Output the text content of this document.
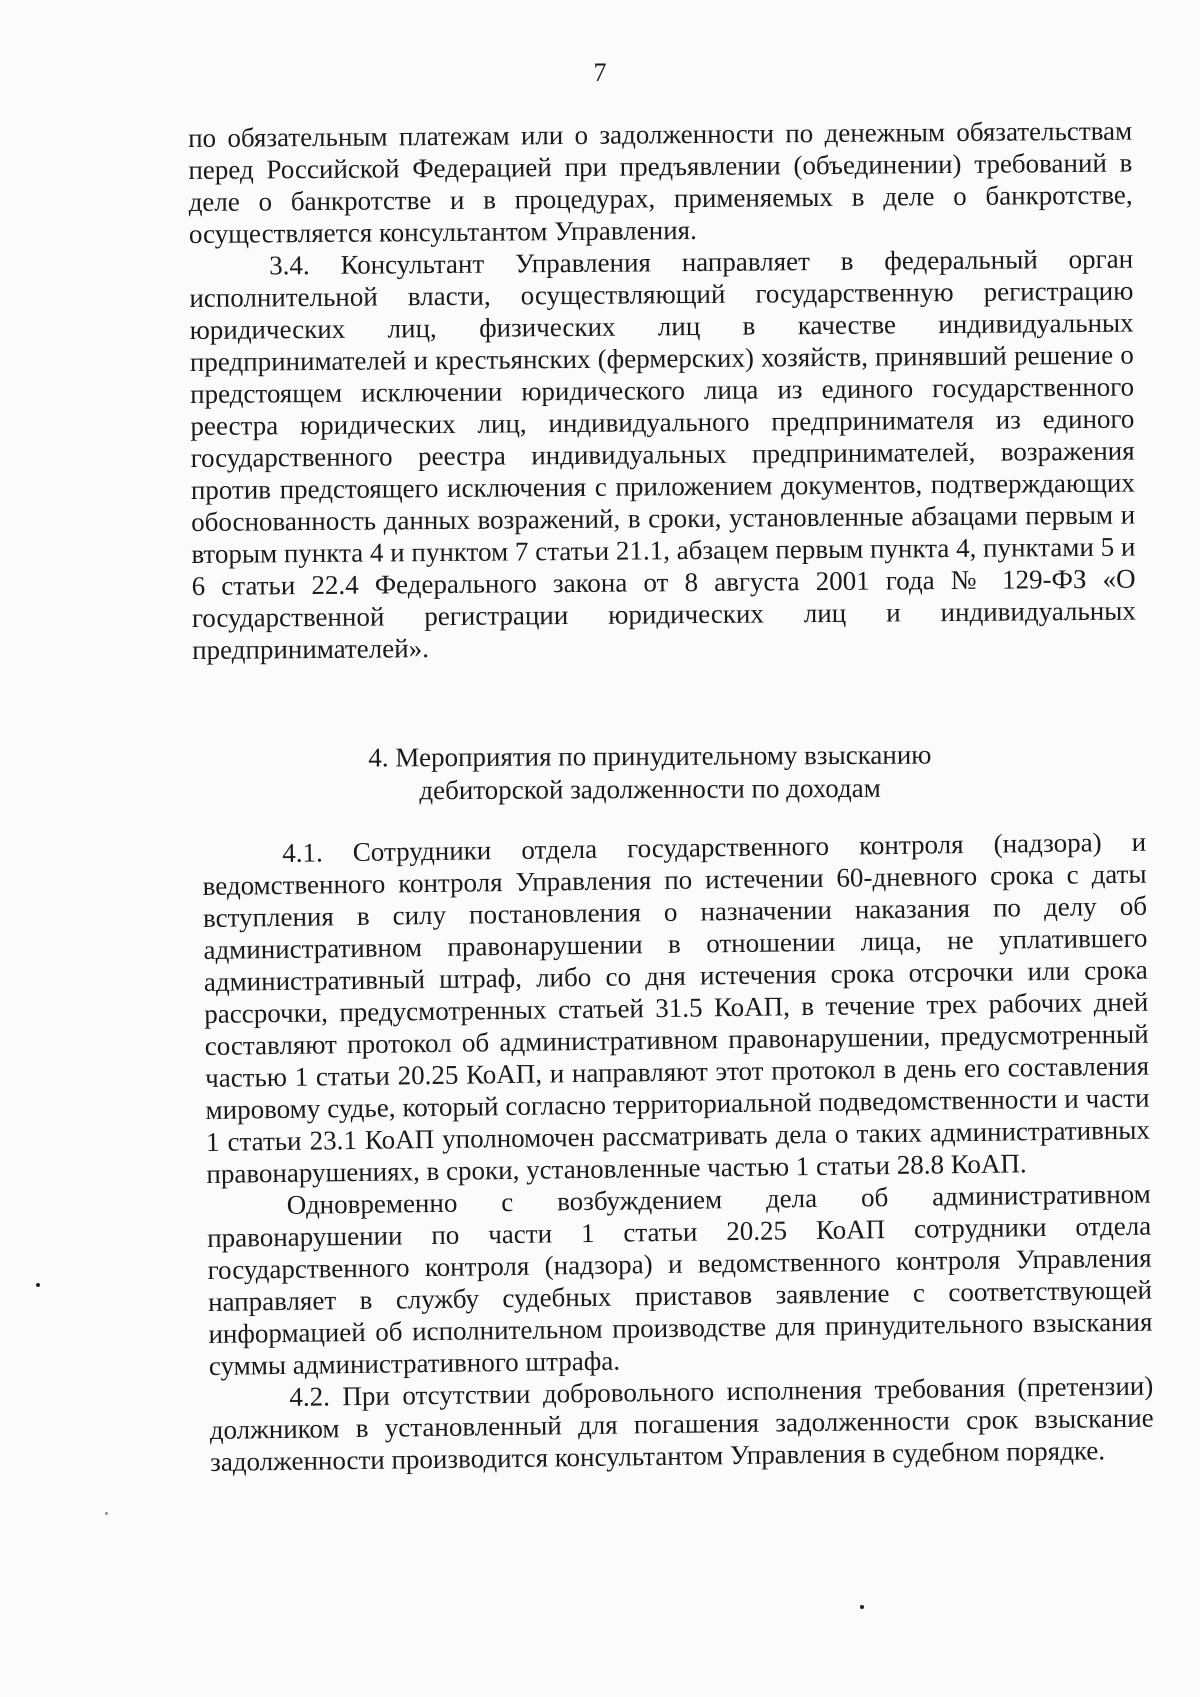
7

по обязательным платежам или о задолженности по денежным обязательствам перед Российской Федерацией при предъявлении (объединении) требований в деле о банкротстве и в процедурах, применяемых в деле о банкротстве, осуществляется консультантом Управления.

3.4. Консультант Управления направляет в федеральный орган исполнительной власти, осуществляющий государственную регистрацию юридических лиц, физических лиц в качестве индивидуальных предпринимателей и крестьянских (фермерских) хозяйств, принявший решение о предстоящем исключении юридического лица из единого государственного реестра юридических лиц, индивидуального предпринимателя из единого государственного реестра индивидуальных предпринимателей, возражения против предстоящего исключения с приложением документов, подтверждающих обоснованность данных возражений, в сроки, установленные абзацами первым и вторым пункта 4 и пунктом 7 статьи 21.1, абзацем первым пункта 4, пунктами 5 и 6 статьи 22.4 Федерального закона от 8 августа 2001 года № 129-ФЗ «О государственной регистрации юридических лиц и индивидуальных предпринимателей».

4. Мероприятия по принудительному взысканию

дебиторской задолженности по доходам

4.1. Сотрудники отдела государственного контроля (надзора) и ведомственного контроля Управления по истечении 60-дневного срока с даты вступления в силу постановления о назначении наказания по делу об административном правонарушении в отношении лица, не уплатившего административный штраф, либо со дня истечения срока отсрочки или срока рассрочки, предусмотренных статьей 31.5 КоАП, в течение трех рабочих дней составляют протокол об административном правонарушении, предусмотренный частью 1 статьи 20.25 КоАП, и направляют этот протокол в день его составления мировому судье, который согласно территориальной подведомственности и части 1 статьи 23.1 КоАП уполномочен рассматривать дела о таких административных правонарушениях, в сроки, установленные частью 1 статьи 28.8 КоАП.

Одновременно с возбуждением дела об административном правонарушении по части 1 статьи 20.25 КоАП сотрудники отдела государственного контроля (надзора) и ведомственного контроля Управления направляет в службу судебных приставов заявление с соответствующей информацией об исполнительном производстве для принудительного взыскания суммы административного штрафа.

4.2. При отсутствии добровольного исполнения требования (претензии) должником в установленный для погашения задолженности срок взыскание задолженности производится консультантом Управления в судебном порядке.
